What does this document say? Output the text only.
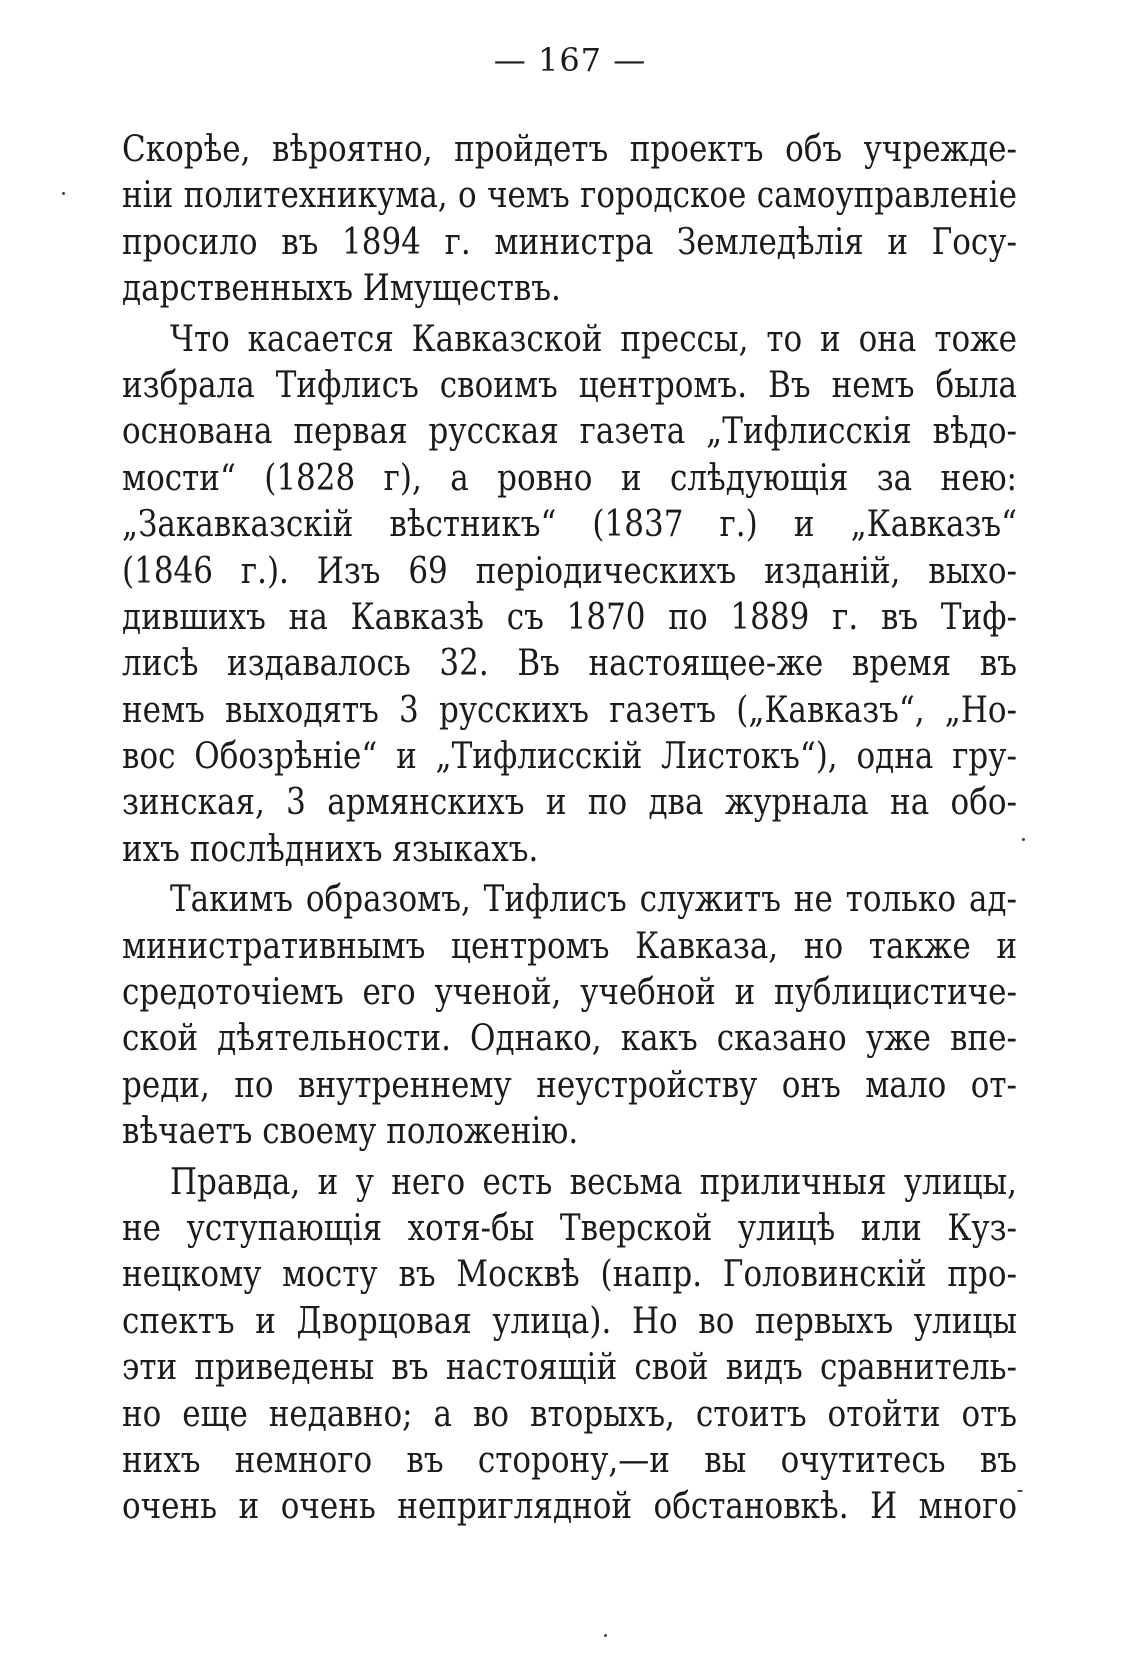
— 167 —
Скорѣе, вѣроятно, пройдетъ проектъ объ учрежде-
ніи политехникума, о чемъ городское самоуправленіе
просило въ 1894 г. министра Земледѣлія и Госу-
дарственныхъ Имуществъ.
Что касается Кавказской прессы, то и она тоже
избрала Тифлисъ своимъ центромъ. Въ немъ была
основана первая русская газета „Тифлисскія вѣдо-
мости“ (1828 г), а ровно и слѣдующія за нею:
„Закавказскій вѣстникъ“ (1837 г.) и „Кавказъ“
(1846 г.). Изъ 69 періодическихъ изданій, выхо-
дившихъ на Кавказѣ съ 1870 по 1889 г. въ Тиф-
лисѣ издавалось 32. Въ настоящее-же время въ
немъ выходятъ 3 русскихъ газетъ („Кавказъ“, „Но-
вос Обозрѣніе“ и „Тифлисскій Листокъ“), одна гру-
зинская, 3 армянскихъ и по два журнала на обо-
ихъ послѣднихъ языкахъ.
Такимъ образомъ, Тифлисъ служитъ не только ад-
министративнымъ центромъ Кавказа, но также и
средоточіемъ его ученой, учебной и публицистиче-
ской дѣятельности. Однако, какъ сказано уже впе-
реди, по внутреннему неустройству онъ мало от-
вѣчаетъ своему положенію.
Правда, и у него есть весьма приличныя улицы,
не уступающія хотя-бы Тверской улицѣ или Куз-
нецкому мосту въ Москвѣ (напр. Головинскій про-
спектъ и Дворцовая улица). Но во первыхъ улицы
эти приведены въ настоящій свой видъ сравнитель-
но еще недавно; а во вторыхъ, стоитъ отойти отъ
нихъ немного въ сторону,—и вы очутитесь въ
очень и очень неприглядной обстановкѣ. И много
